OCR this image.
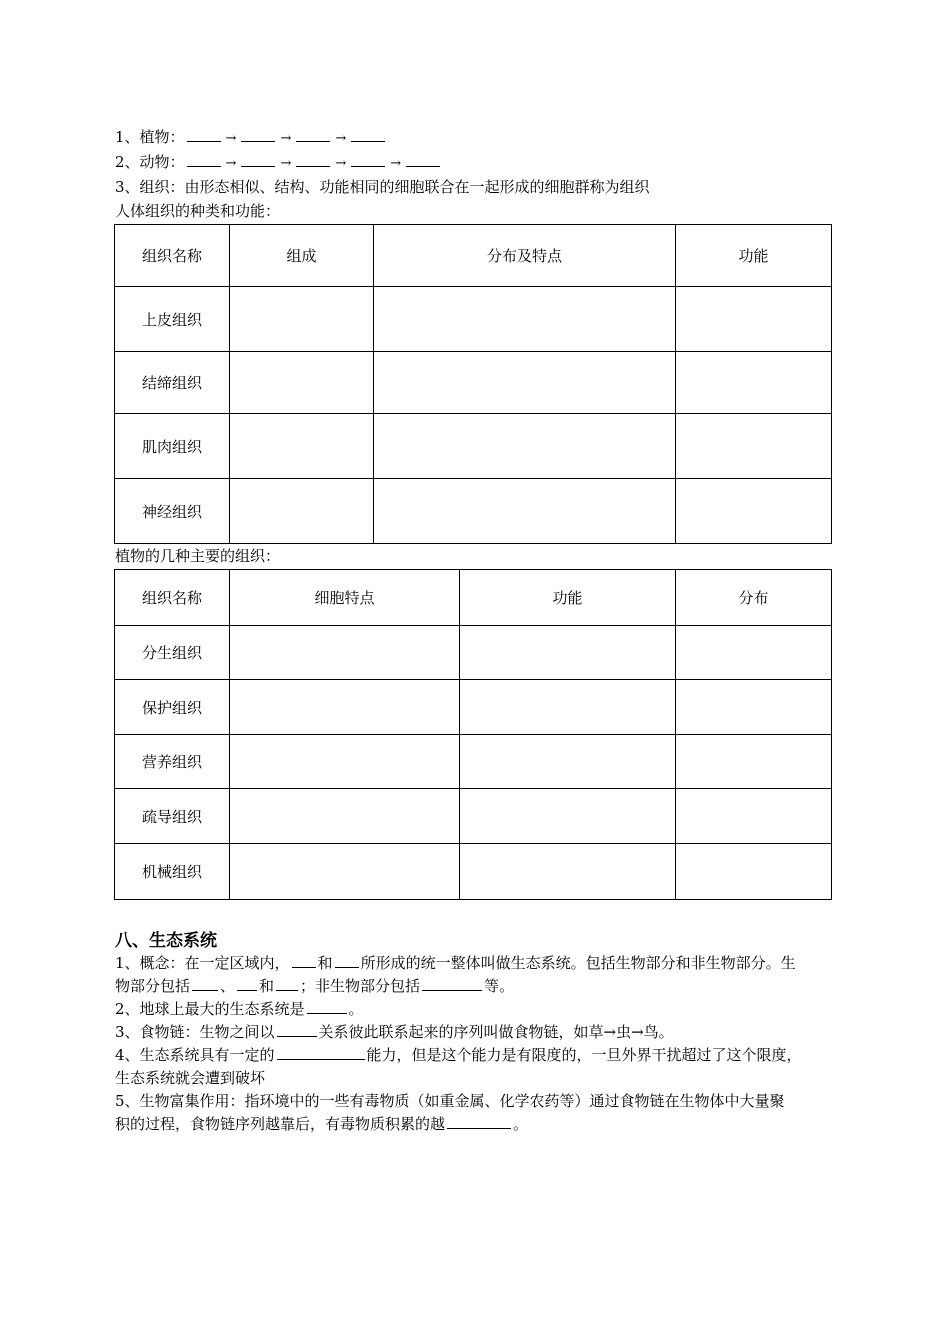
1、植物：	→	→	→
2、动物：	→	→	→	→
3、组织：由形态相似、结构、功能相同的细胞联合在一起形成的细胞群称为组织
人体组织的种类和功能：
组织名称	组成	分布及特点	功能
上皮组织			
结缔组织			
肌肉组织			
神经组织			
植物的几种主要的组织：
组织名称	细胞特点	功能	分布
分生组织			
保护组织			
营养组织			
疏导组织			
机械组织			
八、生态系统
1、概念：在一定区域内， 和 所形成的统一整体叫做生态系统。包括生物部分和非生物部分。生
物部分包括 、 和 ；非生物部分包括	等。
2、地球上最大的生态系统是	。
3、食物链：生物之间以	关系彼此联系起来的序列叫做食物链，如草→虫→鸟。
4、生态系统具有一定的	能力，但是这个能力是有限度的，一旦外界干扰超过了这个限度，
生态系统就会遭到破坏
5、生物富集作用：指环境中的一些有毒物质（如重金属、化学农药等）通过食物链在生物体中大量聚
积的过程，食物链序列越靠后，有毒物质积累的越	。
